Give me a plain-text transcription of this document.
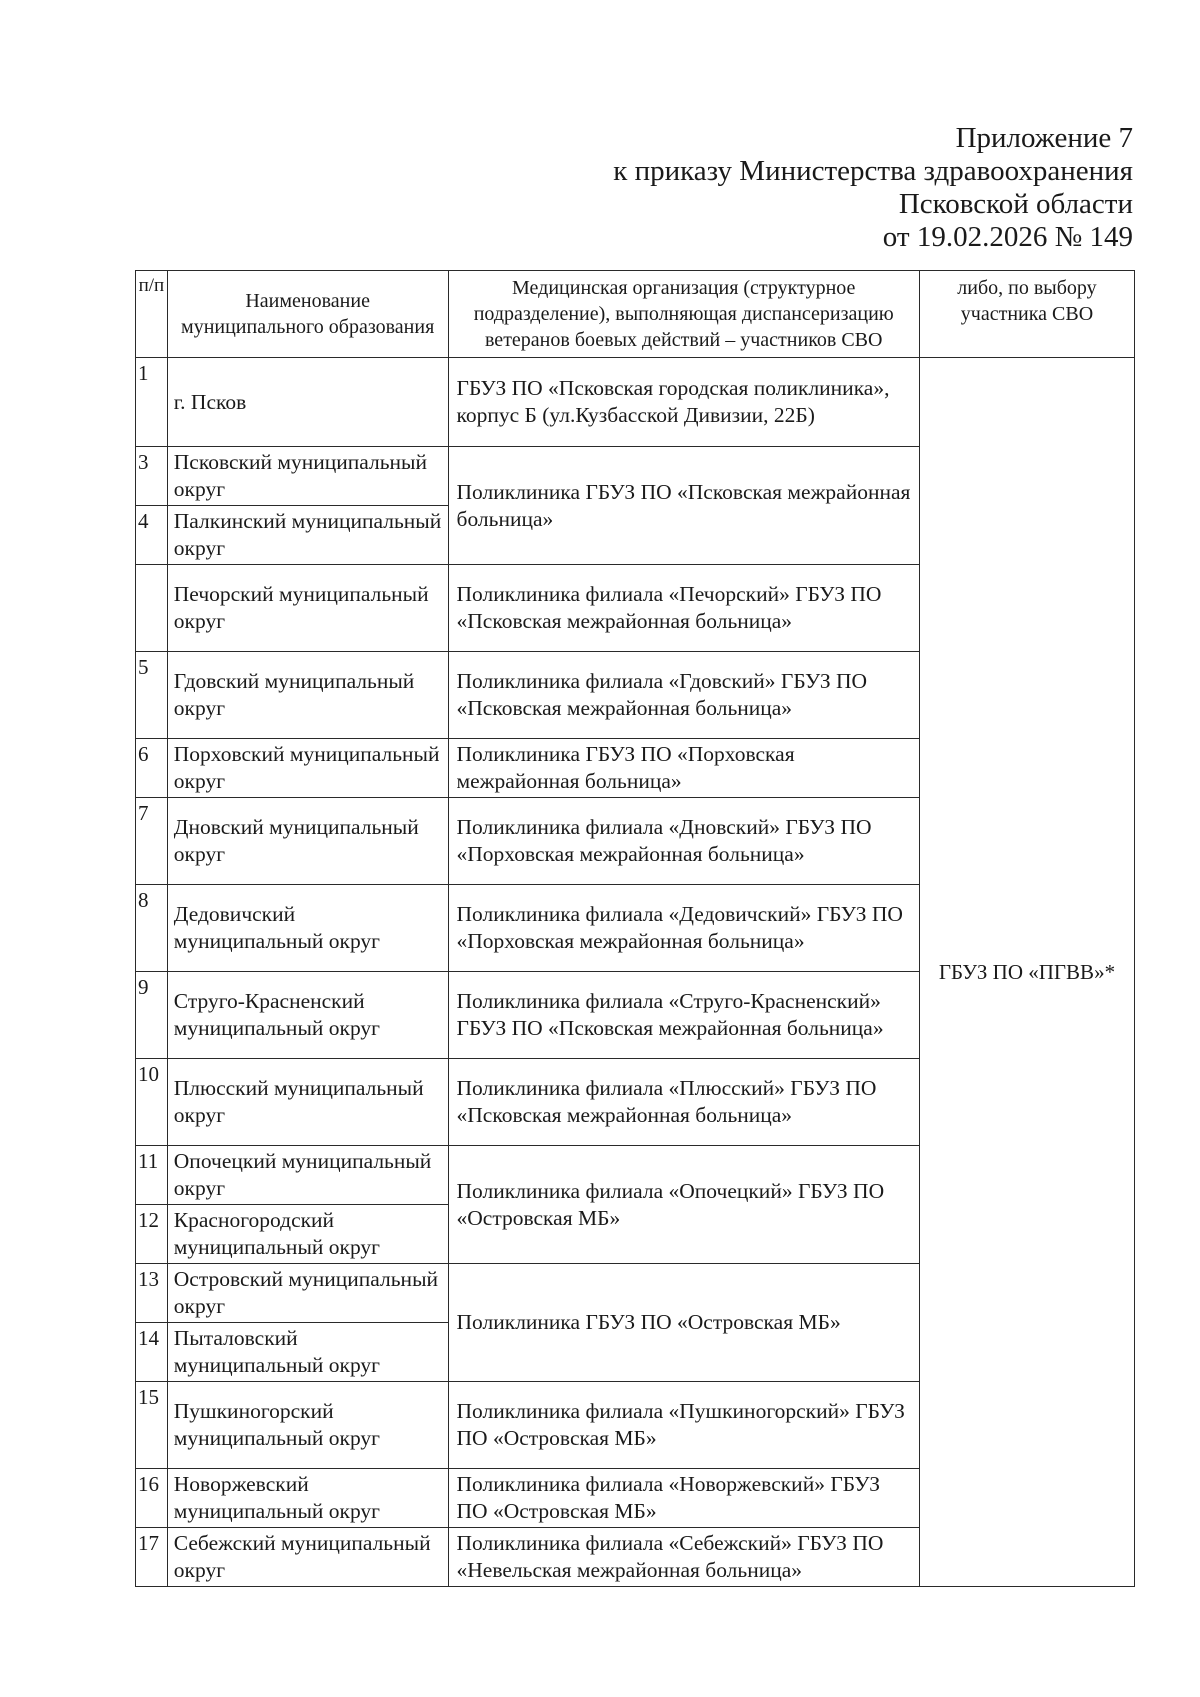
Приложение 7
к приказу Министерства здравоохранения
Псковской области
от 19.02.2026 № 149
п/п	Наименование муниципального образования	Медицинская организация (структурное подразделение), выполняющая диспансеризацию ветеранов боевых действий – участников СВО	либо, по выбору участника СВО
1	г. Псков	ГБУЗ ПО «Псковская городская поликлиника», корпус Б (ул.Кузбасской Дивизии, 22Б)	ГБУЗ ПО «ПГВВ»*
3	Псковский муниципальный округ	Поликлиника ГБУЗ ПО «Псковская межрайонная больница»	
4	Палкинский муниципальный округ		
	Печорский муниципальный округ	Поликлиника филиала «Печорский» ГБУЗ ПО «Псковская межрайонная больница»	
5	Гдовский муниципальный округ	Поликлиника филиала «Гдовский» ГБУЗ ПО «Псковская межрайонная больница»	
6	Порховский муниципальный округ	Поликлиника ГБУЗ ПО «Порховская межрайонная больница»	
7	Дновский муниципальный округ	Поликлиника филиала «Дновский» ГБУЗ ПО «Порховская межрайонная больница»	
8	Дедовичский муниципальный округ	Поликлиника филиала «Дедовичский» ГБУЗ ПО «Порховская межрайонная больница»	
9	Струго-Красненский муниципальный округ	Поликлиника филиала «Струго-Красненский» ГБУЗ ПО «Псковская межрайонная больница»	
10	Плюсский муниципальный округ	Поликлиника филиала «Плюсский» ГБУЗ ПО «Псковская межрайонная больница»	
11	Опочецкий муниципальный округ	Поликлиника филиала «Опочецкий» ГБУЗ ПО «Островская МБ»	
12	Красногородский муниципальный округ		
13	Островский муниципальный округ	Поликлиника ГБУЗ ПО «Островская МБ»	
14	Пыталовский муниципальный округ		
15	Пушкиногорский муниципальный округ	Поликлиника филиала «Пушкиногорский» ГБУЗ ПО «Островская МБ»	
16	Новоржевский муниципальный округ	Поликлиника филиала «Новоржевский» ГБУЗ ПО «Островская МБ»	
17	Себежский муниципальный округ	Поликлиника филиала «Себежский» ГБУЗ ПО «Невельская межрайонная больница»	
